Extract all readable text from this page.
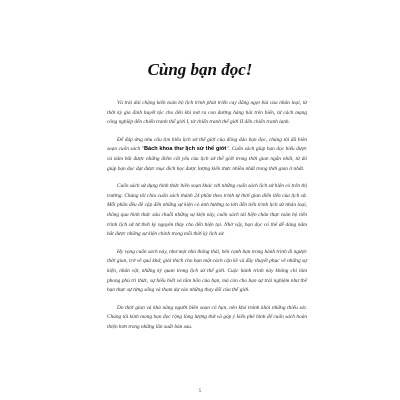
Cùng bạn đọc!

Và trải dài chặng kiến toàn bộ lịch trình phát triển cay đắng ngọt bùi của nhân loại, từ thời kỳ gia đình huyết tộc cho đến khi mở ra con đường hàng hải trên biển, từ cách mạng công nghiệp đến chiến tranh thế giới I, từ chiến tranh thế giới II đến chiến tranh lạnh.

Để đáp ứng nhu cầu tìm hiểu lịch sử thế giới của đông đảo bạn đọc, chúng tôi đã biên soạn cuốn sách "Bách khoa thư lịch sử thế giới". Cuốn sách giúp bạn đọc hiểu được và nắm bắt được những điểm cốt yếu của lịch sử thế giới trong thời gian ngắn nhất, từ đó giúp bạn đọc đạt được mục đích học được lượng kiến thức nhiều nhất trong thời gian ít nhất.

Cuốn sách sử dụng hình thức biên soạn khác với những cuốn sách lịch sử hiện có trên thị trường. Chúng tôi chia cuốn sách thành 24 phần theo trình tự thời gian diễn tiến của lịch sử. Mỗi phần đều đề cập đến những sự kiện có ảnh hưởng to lớn đến tiến trình lịch sử nhân loại, thông qua hình thức xâu chuỗi những sự kiện này, cuốn sách tái hiện chân thực toàn bộ tiến trình lịch sử từ thời kỳ nguyên thủy cho đến hiện tại. Nhờ vậy, bạn đọc có thể dễ dàng nắm bắt được những sự kiện chính trong mỗi thời kỳ lịch sử.

Hy vọng cuốn sách này, như một nhà thông thái, bên cạnh bạn trong hành trình đi ngược thời gian, trở về quá khứ, giải thích cho bạn một cách cặn kẽ và đầy thuyết phục về những sự kiện, nhân vật, những kỳ quan trong lịch sử thế giới. Cuộc hành trình này không chỉ làm phong phú tri thức, sự hiểu biết và tầm hồn của bạn, mà còn cho bạn sự trải nghiệm như thể bạn thực sự từng sống và tham dự vào những thay đổi của thế giới.

Do thời gian và khả năng người biên soạn có hạn, nên khó tránh khỏi những thiếu sót. Chúng tôi kính mong bạn đọc rộng lòng lượng thứ và góp ý kiến phê bình để cuốn sách hoàn thiện hơn trong những lần xuất bản sau.

5
